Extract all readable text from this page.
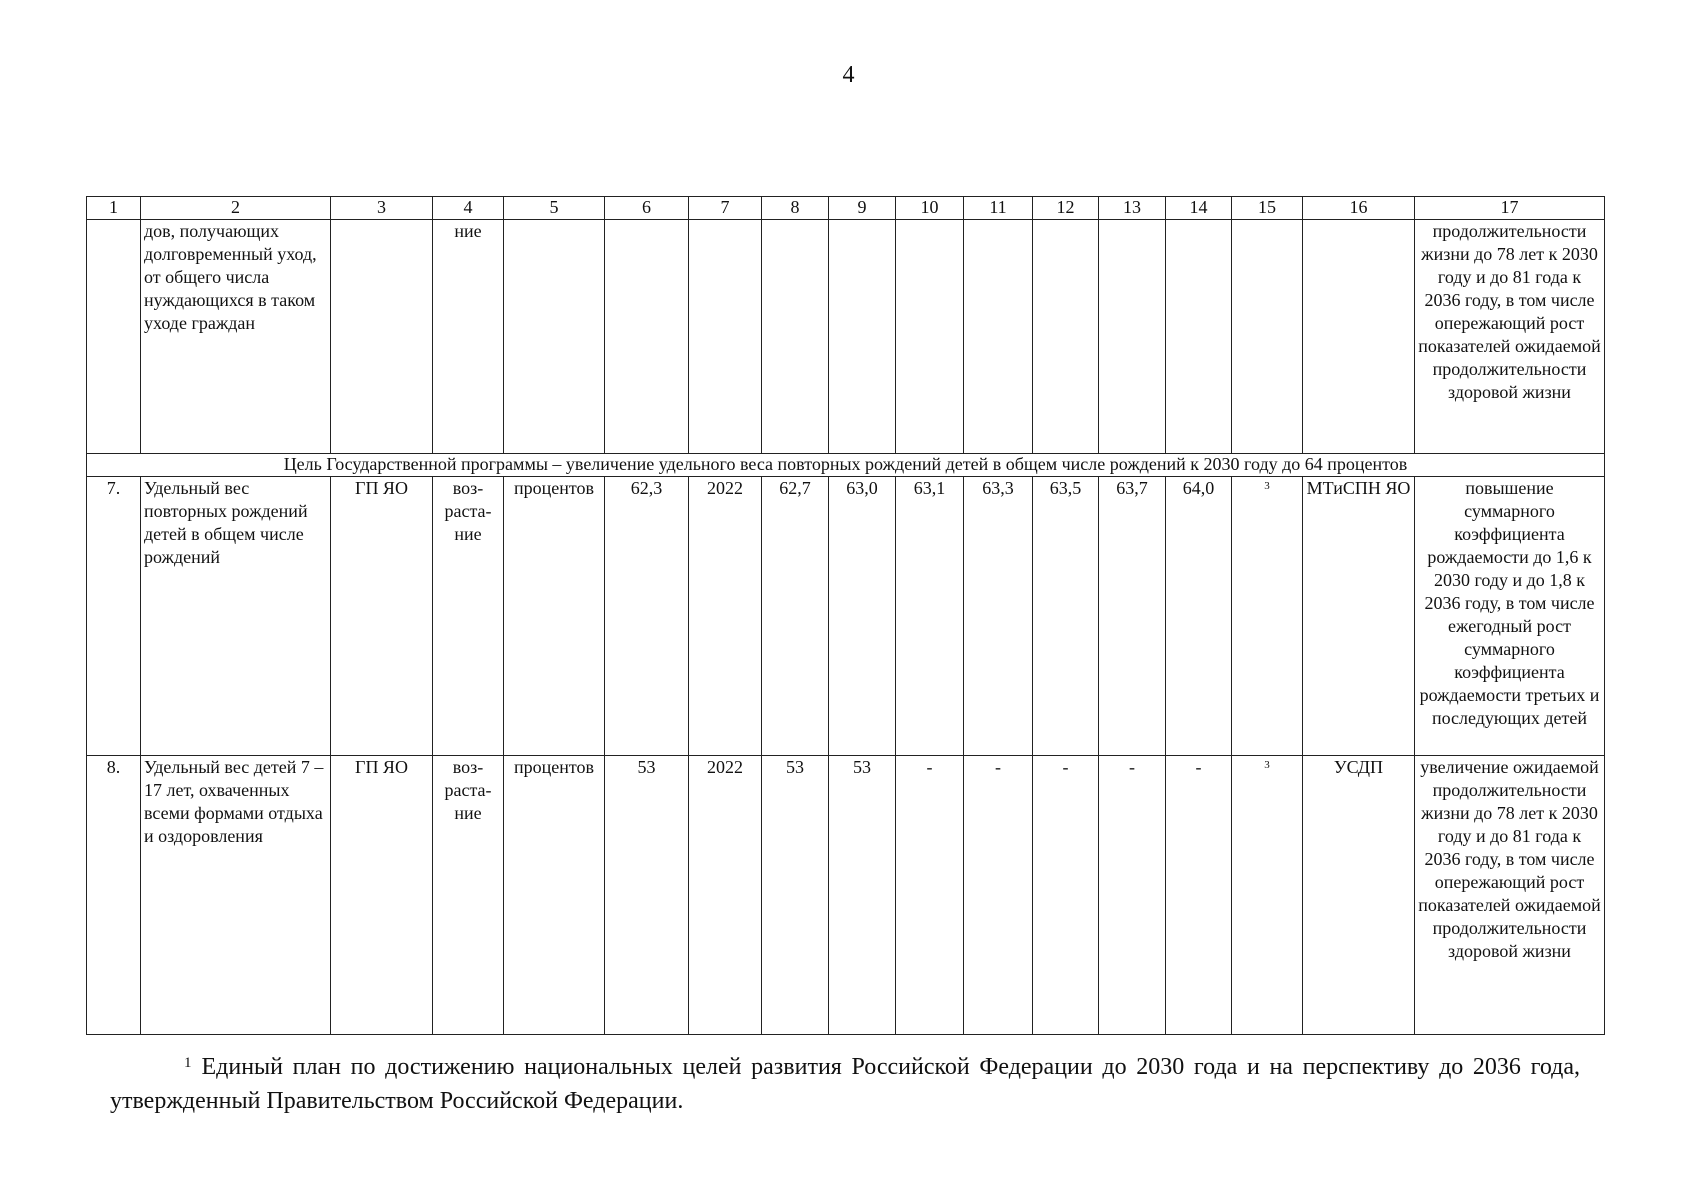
4
1	2	3	4	5	6	7	8	9	10	11	12	13	14	15	16	17
	дов, получающих долговременный уход, от общего числа нуждающихся в таком уходе граждан		ние													продолжительности жизни до 78 лет к 2030 году и до 81 года к 2036 году, в том числе опережающий рост показателей ожидаемой продолжительности здоровой жизни
Цель Государственной программы – увеличение удельного веса повторных рождений детей в общем числе рождений к 2030 году до 64 процентов																
7.	Удельный вес повторных рождений детей в общем числе рождений	ГП ЯО	воз- раста- ние	процентов	62,3	2022	62,7	63,0	63,1	63,3	63,5	63,7	64,0	$^3$	МТиСПН ЯО	повышение суммарного коэффициента рождаемости до 1,6 к 2030 году и до 1,8 к 2036 году, в том числе ежегодный рост суммарного коэффициента рождаемости третьих и последующих детей
8.	Удельный вес детей 7 – 17 лет, охваченных всеми формами отдыха и оздоровления	ГП ЯО	воз- раста- ние	процентов	53	2022	53	53	-	-	-	-	-	$^3$	УСДП	увеличение ожидаемой продолжительности жизни до 78 лет к 2030 году и до 81 года к 2036 году, в том числе опережающий рост показателей ожидаемой продолжительности здоровой жизни
$^1$ Единый план по достижению национальных целей развития Российской Федерации до 2030 года и на перспективу до 2036 года, утвержденный Правительством Российской Федерации.
